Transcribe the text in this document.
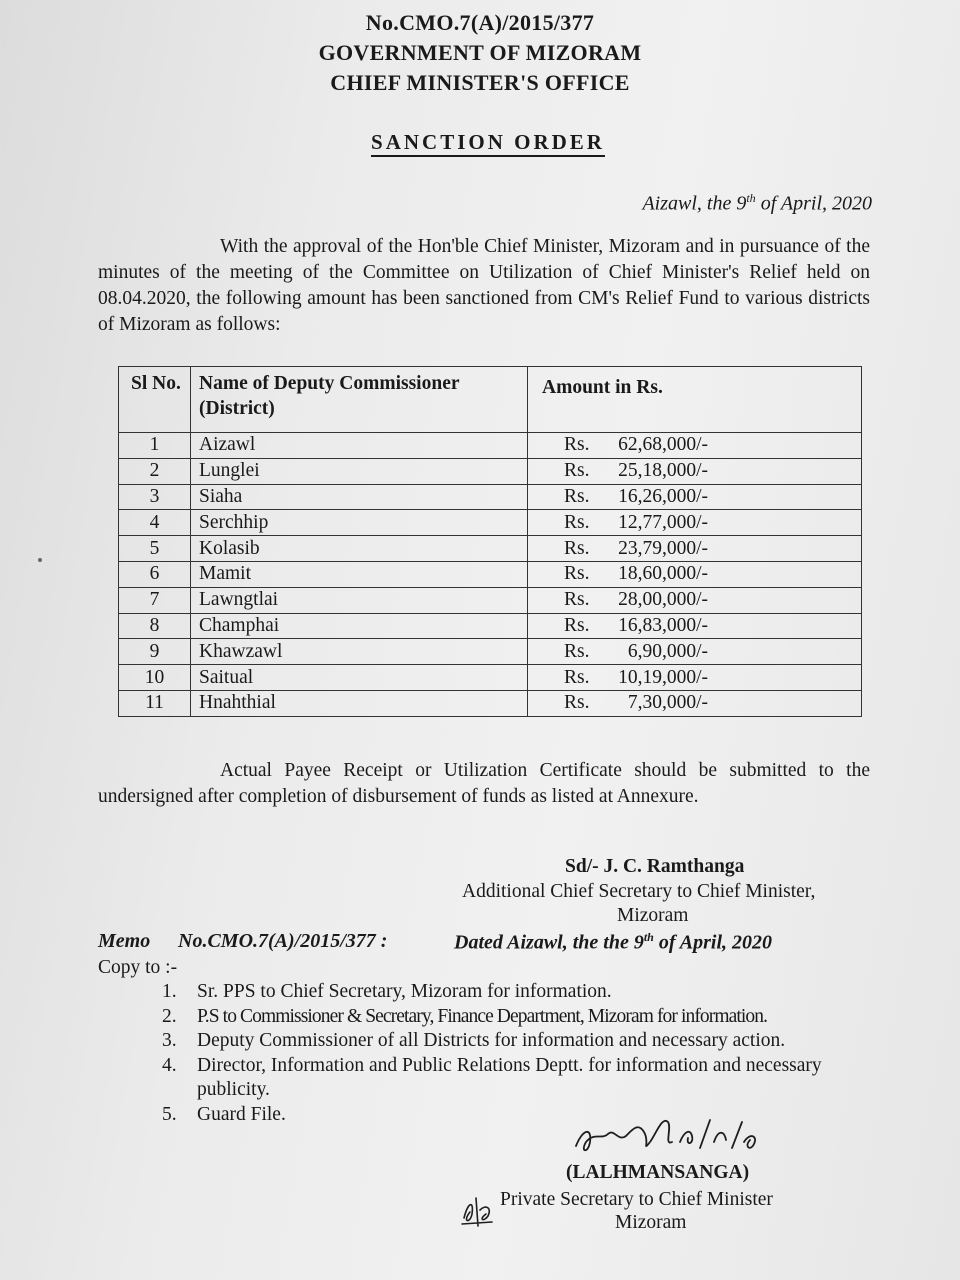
No.CMO.7(A)/2015/377
GOVERNMENT OF MIZORAM
CHIEF MINISTER'S OFFICE
SANCTION ORDER
Aizawl, the 9th of April, 2020

With the approval of the Hon'ble Chief Minister, Mizoram and in pursuance of the minutes of the meeting of the Committee on Utilization of Chief Minister's Relief held on 08.04.2020, the following amount has been sanctioned from CM's Relief Fund to various districts of Mizoram as follows:

Sl No.	Name of Deputy Commissioner (District)	Amount in Rs.
1	Aizawl	Rs. 62,68,000/-
2	Lunglei	Rs. 25,18,000/-
3	Siaha	Rs. 16,26,000/-
4	Serchhip	Rs. 12,77,000/-
5	Kolasib	Rs. 23,79,000/-
6	Mamit	Rs. 18,60,000/-
7	Lawngtlai	Rs. 28,00,000/-
8	Champhai	Rs. 16,83,000/-
9	Khawzawl	Rs. 6,90,000/-
10	Saitual	Rs. 10,19,000/-
11	Hnahthial	Rs. 7,30,000/-

Actual Payee Receipt or Utilization Certificate should be submitted to the undersigned after completion of disbursement of funds as listed at Annexure.

Sd/- J. C. Ramthanga
Additional Chief Secretary to Chief Minister,
Mizoram
Memo No.CMO.7(A)/2015/377 :	Dated Aizawl, the the 9th of April, 2020
Copy to :-
1.	Sr. PPS to Chief Secretary, Mizoram for information.
2.	P.S to Commissioner & Secretary, Finance Department, Mizoram for information.
3.	Deputy Commissioner of all Districts for information and necessary action.
4.	Director, Information and Public Relations Deptt. for information and necessary publicity.
5.	Guard File.
(LALHMANSANGA)
Private Secretary to Chief Minister
Mizoram
